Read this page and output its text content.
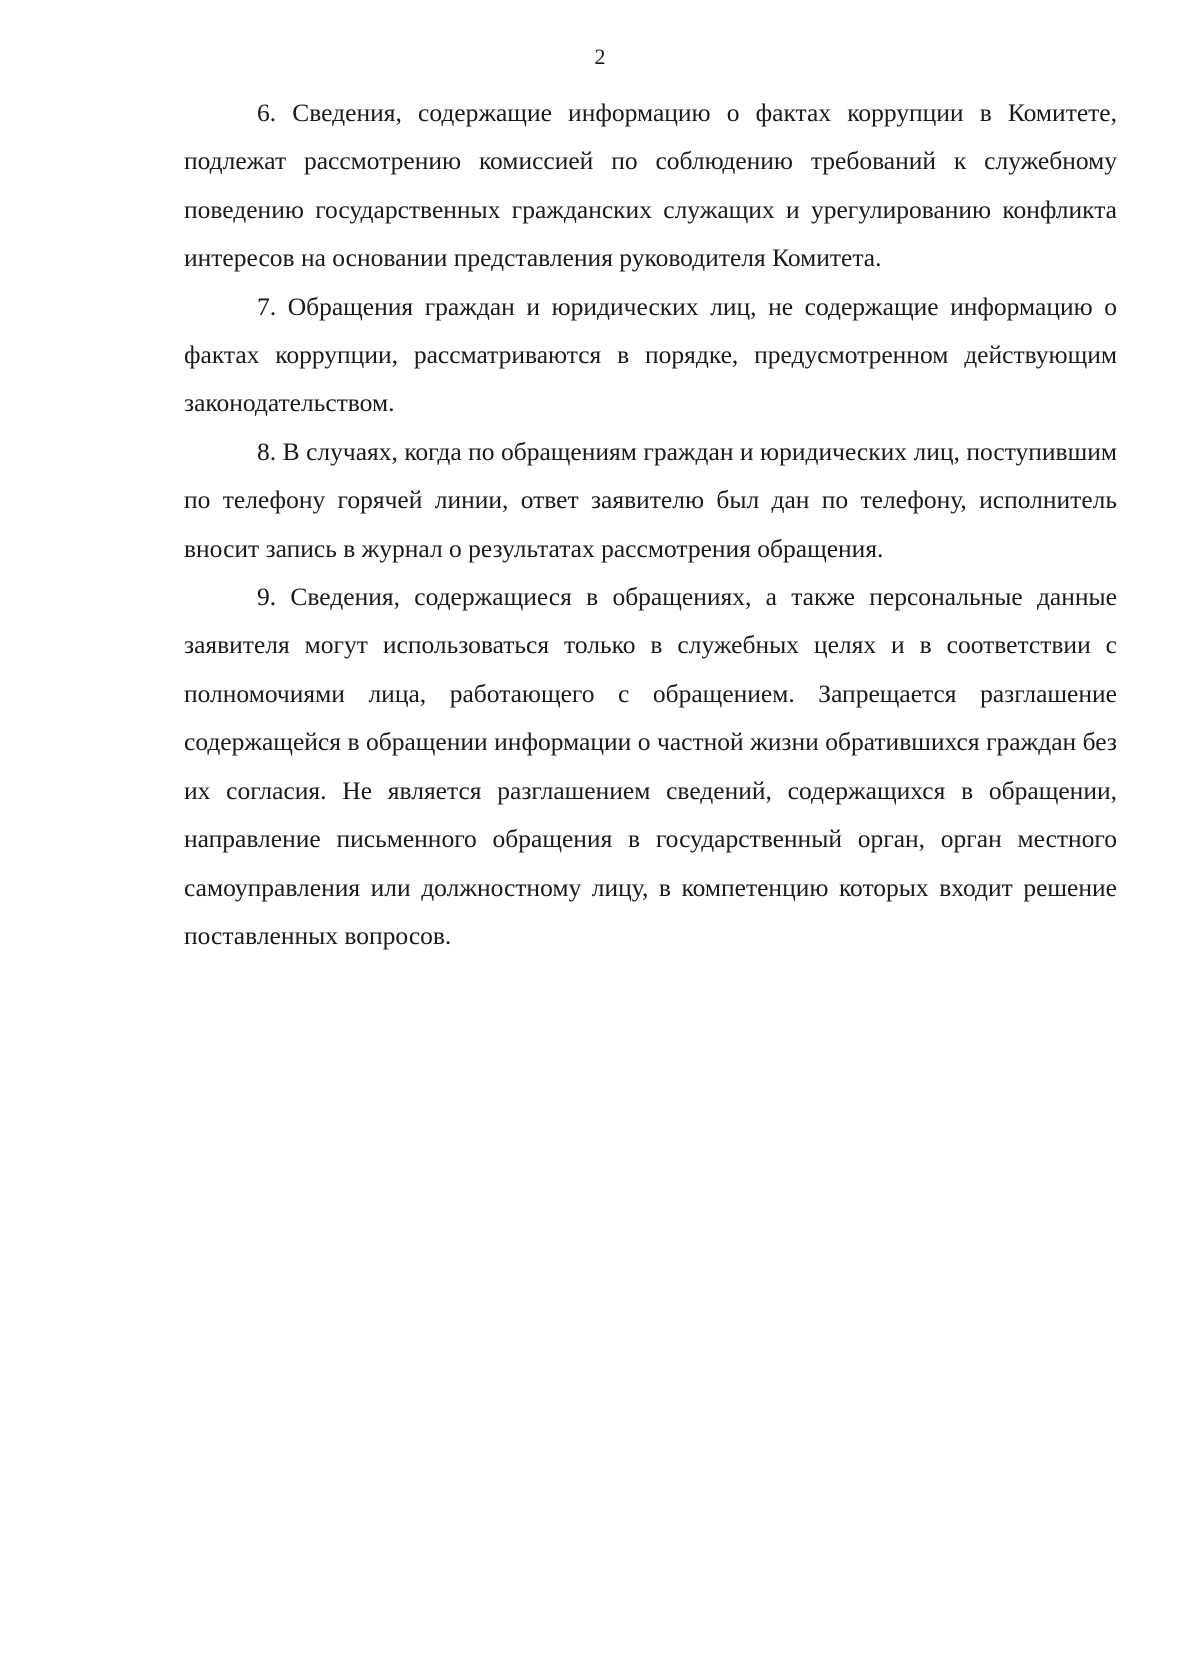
2

6. Сведения, содержащие информацию о фактах коррупции в Комитете, подлежат рассмотрению комиссией по соблюдению требований к служебному поведению государственных гражданских служащих и урегулированию конфликта интересов на основании представления руководителя Комитета.

7. Обращения граждан и юридических лиц, не содержащие информацию о фактах коррупции, рассматриваются в порядке, предусмотренном действующим законодательством.

8. В случаях, когда по обращениям граждан и юридических лиц, поступившим по телефону горячей линии, ответ заявителю был дан по телефону, исполнитель вносит запись в журнал о результатах рассмотрения обращения.

9. Сведения, содержащиеся в обращениях, а также персональные данные заявителя могут использоваться только в служебных целях и в соответствии с полномочиями лица, работающего с обращением. Запрещается разглашение содержащейся в обращении информации о частной жизни обратившихся граждан без их согласия. Не является разглашением сведений, содержащихся в обращении, направление письменного обращения в государственный орган, орган местного самоуправления или должностному лицу, в компетенцию которых входит решение поставленных вопросов.
